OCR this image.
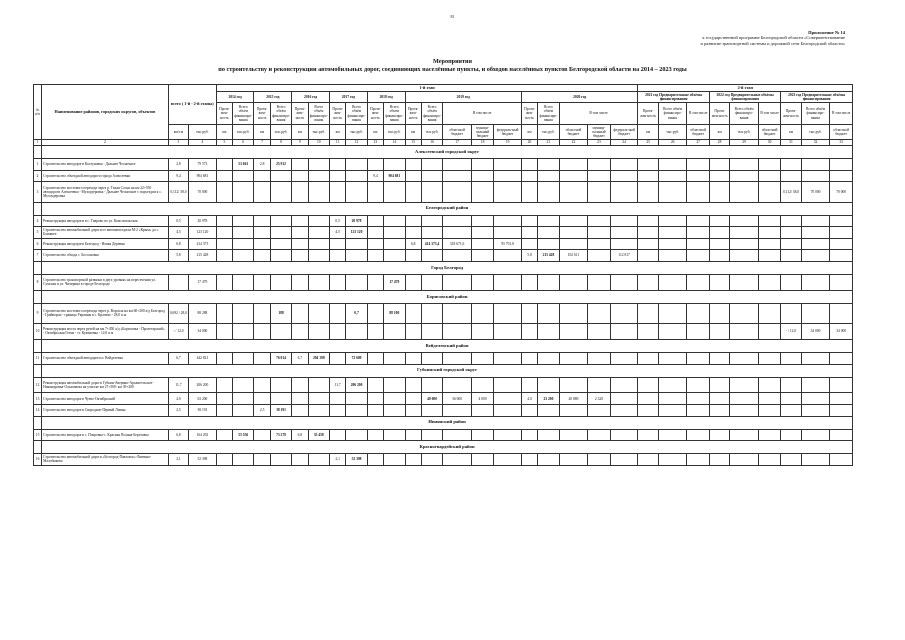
81
Приложение № 14
к государственной программе Белгородской области «Совершенствование
и развитие транспортной системы и дорожной сети Белгородской области»
Мероприятия
по строительству и реконструкции автомобильных дорог, соединяющих населённые пункты, и обходов населённых пунктов Белгородской области на 2014 – 2023 годы
№ п/п	Наименование районов, городских округов, объектов	всего ( 1-й - 2-й этапы)		1-й этап																				2-й этап								
				2014 год		2015 год		2016 год		2017 год		2018 год		2019 год					2020 год					2021 год Предварительные объёмы финансирования			2022 год Предварительные объёмы финансирования			2023 год Предварительные объёмы финансирования		
				Протя-жен-ность	Всего объём финансиро-вания	Протя-жен-ность	Всего объём финансиро-вания	Протя-жен-ность	Всего объём финансиро-вания	Протя-жен-ность	Всего объём финансиро-вания	Протя-жен-ность	Всего объём финансиро-вания	Протя-жен-ность	Всего объём финансиро-вания	В том числе			Протя-жен-ность	Всего объём финансиро-вания	В том числе			Протя-жен-ность	Всего объём финансиро-вания	В том числе	Протя-жен-ность	Всего объём финансиро-вания	В том числе	Протя-жен-ность	Всего объём финансиро-вания	В том числе
		км/т.м	тыс.руб.	км	тыс.руб.	км	тыс.руб.	км	тыс.руб.	км	тыс.руб.	км	тыс.руб.	км	тыс.руб.	областной бюджет	муници-пальный бюджет	федераль-ный бюджет	км	тыс.руб.	областной бюджет	муници-пальный бюджет	федераль-ный бюджет	км	тыс.руб.	областной бюджет	км	тыс.руб.	областной бюджет	км	тыс.руб.	областной бюджет
1	2	3	4	5	6	7	8	9	10	11	12	13	14	15	16	17	18	19	20	21	22	23	24	25	26	27	28	29	30	31	32	33
	Алексеевский городской округ																															
1	Строительство автодороги Колтуновка - Дальнее Чесночное	2,8	79 573		53 661	2,8	25 912																									
2	Строительство объездной автодороги города Алексеевки	9,4	904 681									9,4	904 681																			
3	Строительство мостового перехода через р. Тихая Сосна на км 22+550 автодороги Алексеевка - Мухоудеровка - Дальнее Чесночное с подъездом к с. Мухоудеровка	0,112/ 38,0	70 000																											0,112/ 38,0	70 000	70 000
	Белгородский район																															
4	Реконструкция автодороги в с. Таврово по ул. Комсомольская	0,5	20 978							0,5	20 978																					
5	Строительство автомобильной дороги от автомагистрали М-2 «Крым» до с. Ближнее	4,5	123 120							4,5	123 120																					
6	Реконструкция автодороги Белгород - Новая Деревня	6,8	414 373											6,8	414 373,4	318 671,6		95 701,8														
7	Строительство обхода с. Бессоновка	5,8	215 428																5,8	215 428	102 611		112 817									
	Город Белгород																															
8	Строительство транспортной развязки в двух уровнях на пересечении ул. Сумская и ул. Чичерина в городе Белгороде		17 479										17 479																			
	Борисовский район																															
9	Строительство мостового перехода через р. Ворскла на км 60+200 а/д Белгород - Грайворон - граница Украины в с. Красиво - 28,0 п.м	0,692 / 28,0	88 288				188				0,7		88 100																			
10	Реконструкция моста через ручей на км 7+450 а/д «Борисовка - Пролетарский» - Октябрьская Готня - ст. Кулиновка - 12,0 п.м	- / 12,0	34 000																											- / 12,0	34 000	34 000
	Вейделевский район																															
11	Строительство объездной автодороги п. Вейделевка	6,7	442 821				76 014	6,7	294 198		72 609																					
	Губкинский городской округ																															
12	Реконструкция автомобильной дороги Губкин-Аверино-Архангельское-Никаноровка-Ольховатка на участке км 27+500- км 39+200	11,7	206 200							11,7	206 200																					
13	Строительство автодороги Чуево-Октябрьский	4,0	63 200												40 000	36 000	4 000		4,0	23 200	20 880	2 320										
14	Строительство автодороги Скородное-Первый Лиман	2,5	38 191			2,5	38 191																									
	Ивнянский район																															
15	Строительство автодороги с. Покровка-с. Красная Поляна-Березовка	6,8	164 292		55 556		73 278	6,8	35 458																							
	Красногвардейский район																															
16	Строительство автомобильной дороги «Белгород-Павловск»-Ливенка-Малобыково	2,1	52 398							2,1	52 398																					
